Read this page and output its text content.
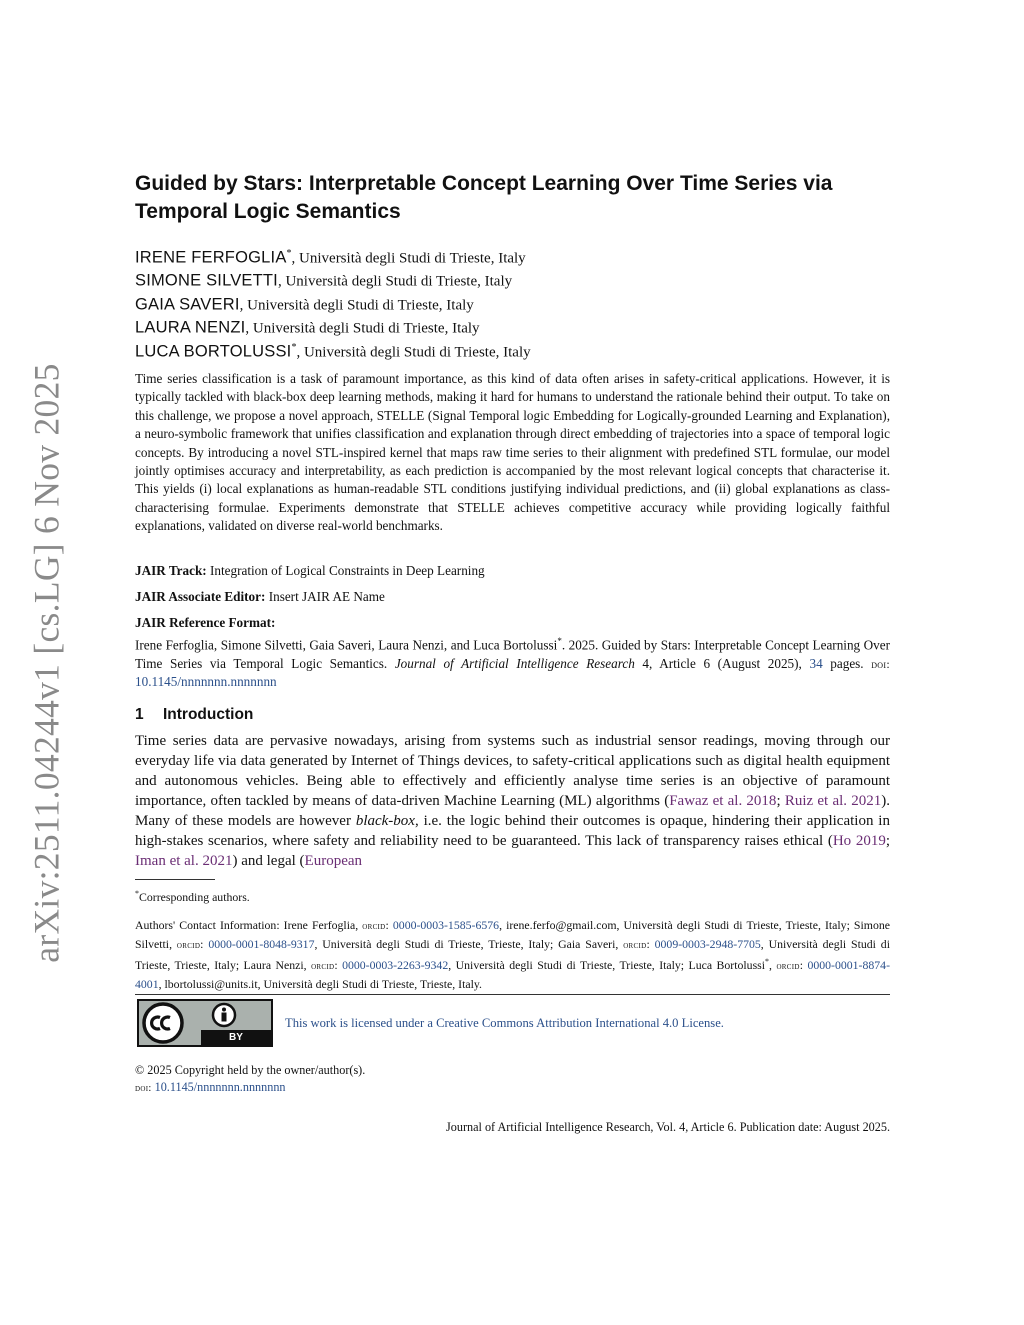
arXiv:2511.04244v1 [cs.LG] 6 Nov 2025
Guided by Stars: Interpretable Concept Learning Over Time Series via Temporal Logic Semantics
IRENE FERFOGLIA*, Università degli Studi di Trieste, Italy
SIMONE SILVETTI, Università degli Studi di Trieste, Italy
GAIA SAVERI, Università degli Studi di Trieste, Italy
LAURA NENZI, Università degli Studi di Trieste, Italy
LUCA BORTOLUSSI*, Università degli Studi di Trieste, Italy
Time series classification is a task of paramount importance, as this kind of data often arises in safety-critical applications. However, it is typically tackled with black-box deep learning methods, making it hard for humans to understand the rationale behind their output. To take on this challenge, we propose a novel approach, STELLE (Signal Temporal logic Embedding for Logically-grounded Learning and Explanation), a neuro-symbolic framework that unifies classification and explanation through direct embedding of trajectories into a space of temporal logic concepts. By introducing a novel STL-inspired kernel that maps raw time series to their alignment with predefined STL formulae, our model jointly optimises accuracy and interpretability, as each prediction is accompanied by the most relevant logical concepts that characterise it. This yields (i) local explanations as human-readable STL conditions justifying individual predictions, and (ii) global explanations as class-characterising formulae. Experiments demonstrate that STELLE achieves competitive accuracy while providing logically faithful explanations, validated on diverse real-world benchmarks.
JAIR Track: Integration of Logical Constraints in Deep Learning
JAIR Associate Editor: Insert JAIR AE Name
JAIR Reference Format:
Irene Ferfoglia, Simone Silvetti, Gaia Saveri, Laura Nenzi, and Luca Bortolussi*. 2025. Guided by Stars: Interpretable Concept Learning Over Time Series via Temporal Logic Semantics. Journal of Artificial Intelligence Research 4, Article 6 (August 2025), 34 pages. doi: 10.1145/nnnnnnn.nnnnnnn
1 Introduction
Time series data are pervasive nowadays, arising from systems such as industrial sensor readings, moving through our everyday life via data generated by Internet of Things devices, to safety-critical applications such as digital health equipment and autonomous vehicles. Being able to effectively and efficiently analyse time series is an objective of paramount importance, often tackled by means of data-driven Machine Learning (ML) algorithms (Fawaz et al. 2018; Ruiz et al. 2021). Many of these models are however black-box, i.e. the logic behind their outcomes is opaque, hindering their application in high-stakes scenarios, where safety and reliability need to be guaranteed. This lack of transparency raises ethical (Ho 2019; Iman et al. 2021) and legal (European
*Corresponding authors.
Authors' Contact Information: Irene Ferfoglia, orcid: 0000-0003-1585-6576, irene.ferfo@gmail.com, Università degli Studi di Trieste, Trieste, Italy; Simone Silvetti, orcid: 0000-0001-8048-9317, Università degli Studi di Trieste, Trieste, Italy; Gaia Saveri, orcid: 0009-0003-2948-7705, Università degli Studi di Trieste, Trieste, Italy; Laura Nenzi, orcid: 0000-0003-2263-9342, Università degli Studi di Trieste, Trieste, Italy; Luca Bortolussi*, orcid: 0000-0001-8874-4001, lbortolussi@units.it, Università degli Studi di Trieste, Trieste, Italy.
BY
This work is licensed under a Creative Commons Attribution International 4.0 License.
© 2025 Copyright held by the owner/author(s).
doi: 10.1145/nnnnnnn.nnnnnnn
Journal of Artificial Intelligence Research, Vol. 4, Article 6. Publication date: August 2025.
